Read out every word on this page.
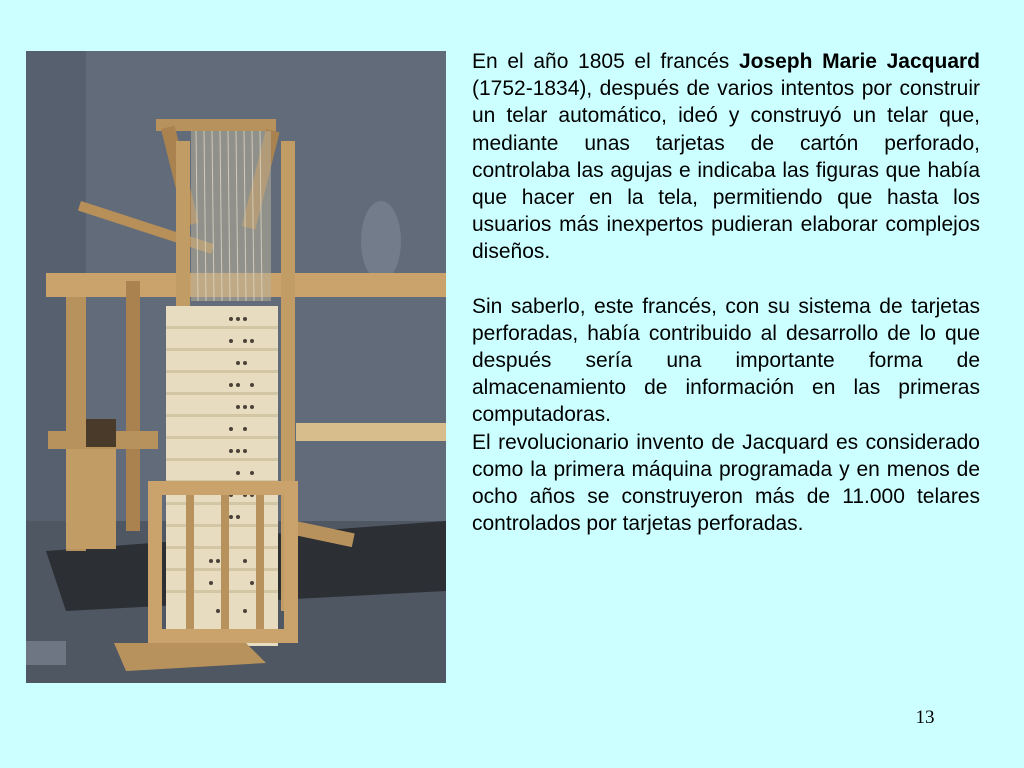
En el año 1805 el francés Joseph Marie Jacquard (1752-1834), después de varios intentos por construir un telar automático, ideó y construyó un telar que, mediante unas tarjetas de cartón perforado, controlaba las agujas e indicaba las figuras que había que hacer en la tela, permitiendo que hasta los usuarios más inexpertos pudieran elaborar complejos diseños.

Sin saberlo, este francés, con su sistema de tarjetas perforadas, había contribuido al desarrollo de lo que después sería una importante forma de almacenamiento de información en las primeras computadoras.

El revolucionario invento de Jacquard es considerado como la primera máquina programada y en menos de ocho años se construyeron más de 11.000 telares controlados por tarjetas perforadas.

13
